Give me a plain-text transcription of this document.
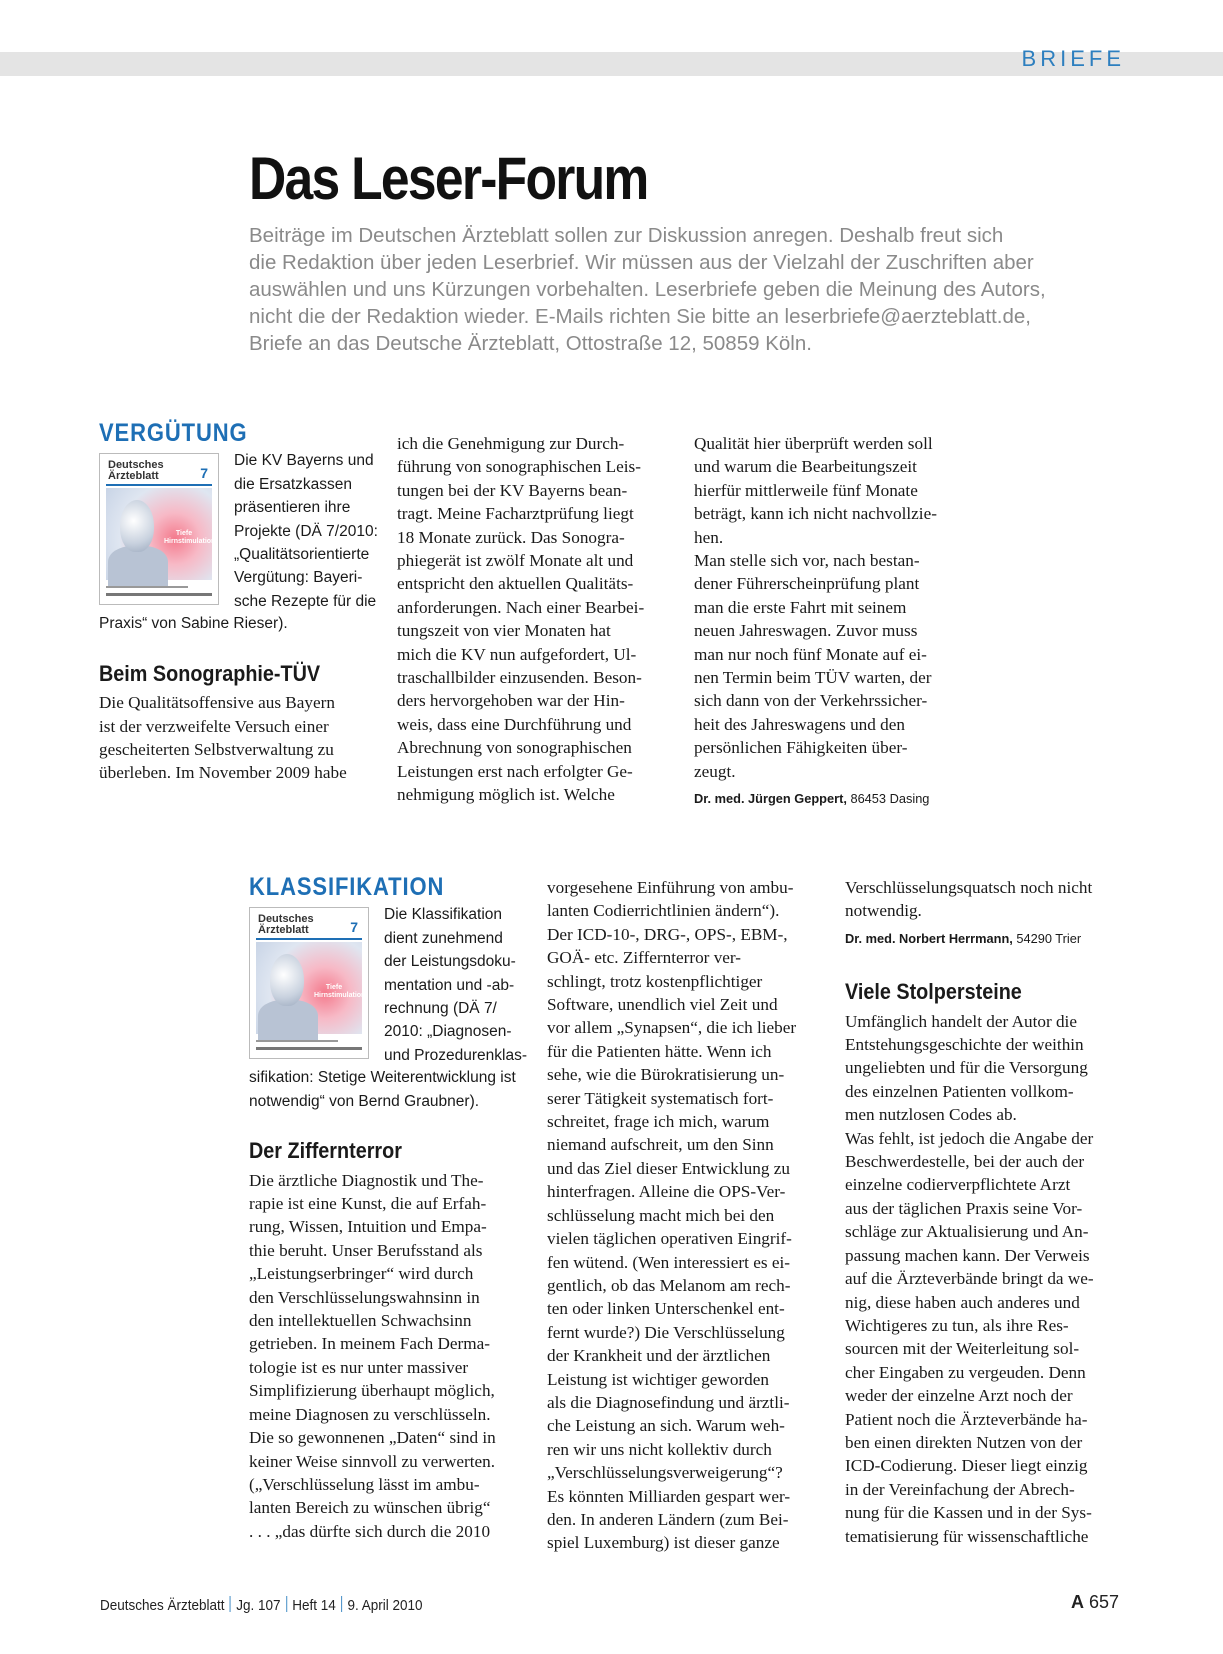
BRIEFE
Das Leser-Forum

Beiträge im Deutschen Ärzteblatt sollen zur Diskussion anregen. Deshalb freut sich

die Redaktion über jeden Leserbrief. Wir müssen aus der Vielzahl der Zuschriften aber

auswählen und uns Kürzungen vorbehalten. Leserbriefe geben die Meinung des Autors,

nicht die der Redaktion wieder. E-Mails richten Sie bitte an leserbriefe@aerzteblatt.de,

Briefe an das Deutsche Ärzteblatt, Ottostraße 12, 50859 Köln.

VERGÜTUNG
Deutsches
Ärzteblatt	7
Tiefe Hirnstimulation

Die KV Bayerns und

die Ersatzkassen

präsentieren ihre

Projekte (DÄ 7/2010:

„Qualitätsorientierte

Vergütung: Bayeri-

sche Rezepte für die

Praxis“ von Sabine Rieser).

Beim Sonographie-TÜV

Die Qualitätsoffensive aus Bayern

ist der verzweifelte Versuch einer

gescheiterten Selbstverwaltung zu

überleben. Im November 2009 habe

ich die Genehmigung zur Durch-

führung von sonographischen Leis-

tungen bei der KV Bayerns bean-

tragt. Meine Facharztprüfung liegt

18 Monate zurück. Das Sonogra-

phiegerät ist zwölf Monate alt und

entspricht den aktuellen Qualitäts-

anforderungen. Nach einer Bearbei-

tungszeit von vier Monaten hat

mich die KV nun aufgefordert, Ul-

traschallbilder einzusenden. Beson-

ders hervorgehoben war der Hin-

weis, dass eine Durchführung und

Abrechnung von sonographischen

Leistungen erst nach erfolgter Ge-

nehmigung möglich ist. Welche

Qualität hier überprüft werden soll

und warum die Bearbeitungszeit

hierfür mittlerweile fünf Monate

beträgt, kann ich nicht nachvollzie-

hen.

Man stelle sich vor, nach bestan-

dener Führerscheinprüfung plant

man die erste Fahrt mit seinem

neuen Jahreswagen. Zuvor muss

man nur noch fünf Monate auf ei-

nen Termin beim TÜV warten, der

sich dann von der Verkehrssicher-

heit des Jahreswagens und den

persönlichen Fähigkeiten über-

zeugt.

Dr. med. Jürgen Geppert, 86453 Dasing
KLASSIFIKATION
Deutsches
Ärzteblatt	7
Tiefe Hirnstimulation

Die Klassifikation

dient zunehmend

der Leistungsdoku-

mentation und -ab-

rechnung (DÄ 7/

2010: „Diagnosen-

und Prozedurenklas-

sifikation: Stetige Weiterentwicklung ist

notwendig“ von Bernd Graubner).

Der Ziffernterror

Die ärztliche Diagnostik und The-

rapie ist eine Kunst, die auf Erfah-

rung, Wissen, Intuition und Empa-

thie beruht. Unser Berufsstand als

„Leistungserbringer“ wird durch

den Verschlüsselungswahnsinn in

den intellektuellen Schwachsinn

getrieben. In meinem Fach Derma-

tologie ist es nur unter massiver

Simplifizierung überhaupt möglich,

meine Diagnosen zu verschlüsseln.

Die so gewonnenen „Daten“ sind in

keiner Weise sinnvoll zu verwerten.

(„Verschlüsselung lässt im ambu-

lanten Bereich zu wünschen übrig“

. . . „das dürfte sich durch die 2010

vorgesehene Einführung von ambu-

lanten Codierrichtlinien ändern“).

Der ICD-10-, DRG-, OPS-, EBM-,

GOÄ- etc. Ziffernterror ver-

schlingt, trotz kostenpflichtiger

Software, unendlich viel Zeit und

vor allem „Synapsen“, die ich lieber

für die Patienten hätte. Wenn ich

sehe, wie die Bürokratisierung un-

serer Tätigkeit systematisch fort-

schreitet, frage ich mich, warum

niemand aufschreit, um den Sinn

und das Ziel dieser Entwicklung zu

hinterfragen. Alleine die OPS-Ver-

schlüsselung macht mich bei den

vielen täglichen operativen Eingrif-

fen wütend. (Wen interessiert es ei-

gentlich, ob das Melanom am rech-

ten oder linken Unterschenkel ent-

fernt wurde?) Die Verschlüsselung

der Krankheit und der ärztlichen

Leistung ist wichtiger geworden

als die Diagnosefindung und ärztli-

che Leistung an sich. Warum weh-

ren wir uns nicht kollektiv durch

„Verschlüsselungsverweigerung“?

Es könnten Milliarden gespart wer-

den. In anderen Ländern (zum Bei-

spiel Luxemburg) ist dieser ganze

Verschlüsselungsquatsch noch nicht

notwendig.

Dr. med. Norbert Herrmann, 54290 Trier
Viele Stolpersteine

Umfänglich handelt der Autor die

Entstehungsgeschichte der weithin

ungeliebten und für die Versorgung

des einzelnen Patienten vollkom-

men nutzlosen Codes ab.

Was fehlt, ist jedoch die Angabe der

Beschwerdestelle, bei der auch der

einzelne codierverpflichtete Arzt

aus der täglichen Praxis seine Vor-

schläge zur Aktualisierung und An-

passung machen kann. Der Verweis

auf die Ärzteverbände bringt da we-

nig, diese haben auch anderes und

Wichtigeres zu tun, als ihre Res-

sourcen mit der Weiterleitung sol-

cher Eingaben zu vergeuden. Denn

weder der einzelne Arzt noch der

Patient noch die Ärzteverbände ha-

ben einen direkten Nutzen von der

ICD-Codierung. Dieser liegt einzig

in der Vereinfachung der Abrech-

nung für die Kassen und in der Sys-

tematisierung für wissenschaftliche

Deutsches Ärzteblatt Jg. 107 Heft 14 9. April 2010	A 657
